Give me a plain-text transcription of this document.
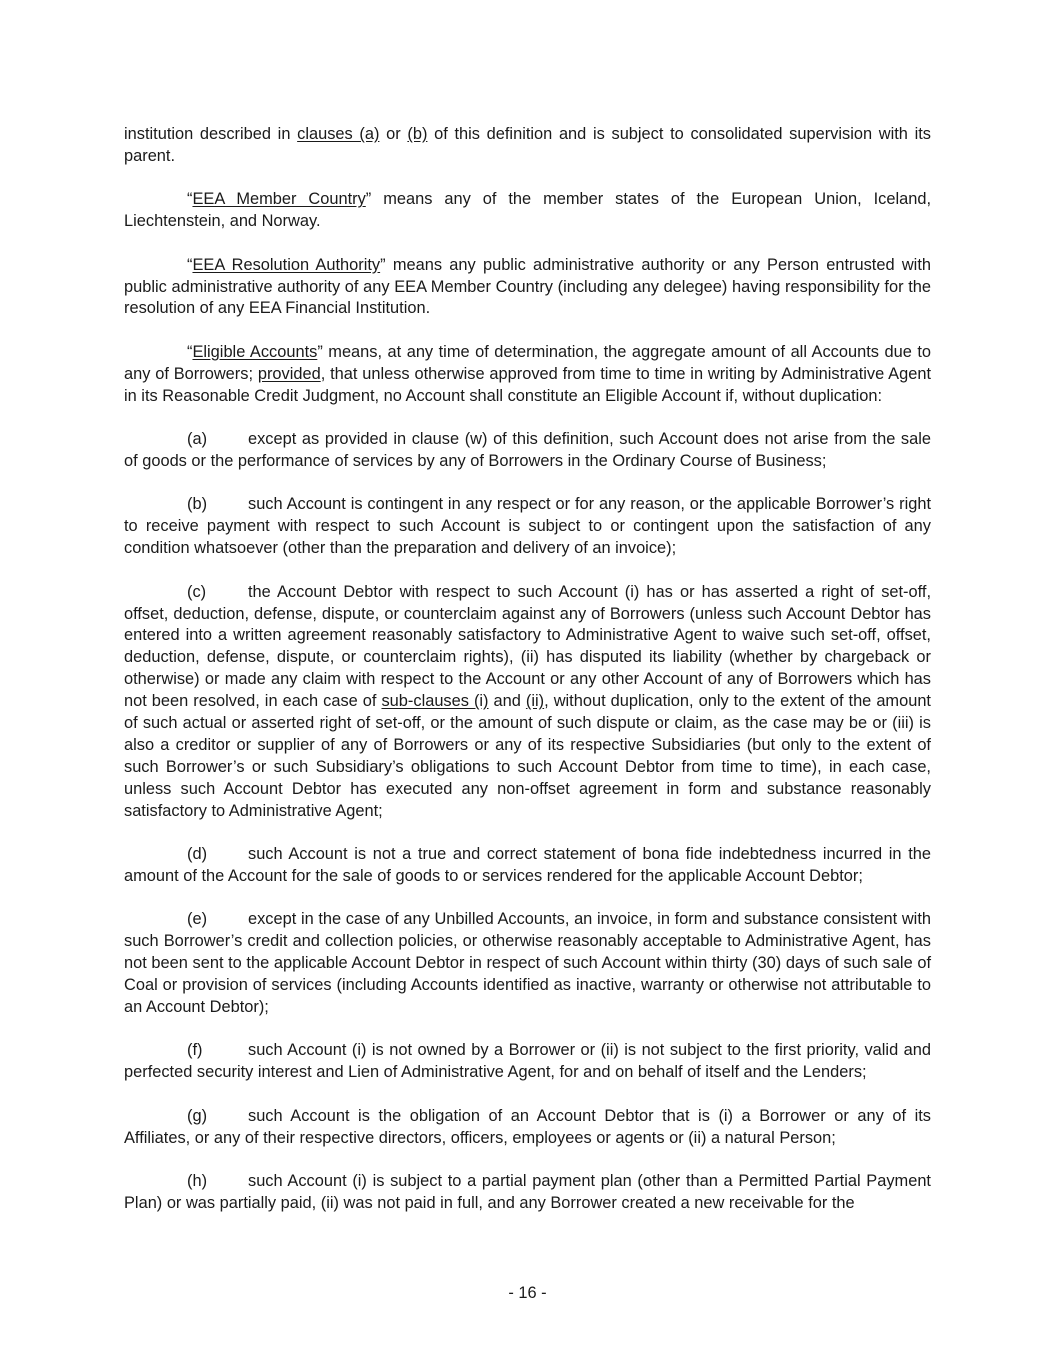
institution described in clauses (a) or (b) of this definition and is subject to consolidated supervision with its parent.

“EEA Member Country” means any of the member states of the European Union, Iceland, Liechtenstein, and Norway.

“EEA Resolution Authority” means any public administrative authority or any Person entrusted with public administrative authority of any EEA Member Country (including any delegee) having responsibility for the resolution of any EEA Financial Institution.

“Eligible Accounts” means, at any time of determination, the aggregate amount of all Accounts due to any of Borrowers; provided, that unless otherwise approved from time to time in writing by Administrative Agent in its Reasonable Credit Judgment, no Account shall constitute an Eligible Account if, without duplication:

(a) except as provided in clause (w) of this definition, such Account does not arise from the sale of goods or the performance of services by any of Borrowers in the Ordinary Course of Business;

(b) such Account is contingent in any respect or for any reason, or the applicable Borrower’s right to receive payment with respect to such Account is subject to or contingent upon the satisfaction of any condition whatsoever (other than the preparation and delivery of an invoice);

(c)	the Account Debtor with respect to such Account (i) has or has asserted a right of set-off, offset, deduction, defense, dispute, or counterclaim against any of Borrowers (unless such Account Debtor has entered into a written agreement reasonably satisfactory to Administrative Agent to waive such set-off, offset, deduction, defense, dispute, or counterclaim rights), (ii) has disputed its liability (whether by chargeback or otherwise) or made any claim with respect to the Account or any other Account of any of Borrowers which has not been resolved, in each case of sub-clauses (i) and (ii), without duplication, only to the extent of the amount of such actual or asserted right of set-off, or the amount of such dispute or claim, as the case may be or (iii) is also a creditor or supplier of any of Borrowers or any of its respective Subsidiaries (but only to the extent of such Borrower’s or such Subsidiary’s obligations to such Account Debtor from time to time), in each case, unless such Account Debtor has executed any non-offset agreement in form and substance reasonably satisfactory to Administrative Agent;

(d) such Account is not a true and correct statement of bona fide indebtedness incurred in the amount of the Account for the sale of goods to or services rendered for the applicable Account Debtor;

(e) except in the case of any Unbilled Accounts, an invoice, in form and substance consistent with such Borrower’s credit and collection policies, or otherwise reasonably acceptable to Administrative Agent, has not been sent to the applicable Account Debtor in respect of such Account within thirty (30) days of such sale of Coal or provision of services (including Accounts identified as inactive, warranty or otherwise not attributable to an Account Debtor);

(f)	such Account (i) is not owned by a Borrower or (ii) is not subject to the first priority, valid and perfected security interest and Lien of Administrative Agent, for and on behalf of itself and the Lenders;

(g) such Account is the obligation of an Account Debtor that is (i) a Borrower or any of its Affiliates, or any of their respective directors, officers, employees or agents or (ii) a natural Person;

(h) such Account (i) is subject to a partial payment plan (other than a Permitted Partial Payment Plan) or was partially paid, (ii) was not paid in full, and any Borrower created a new receivable for the

- 16 -
